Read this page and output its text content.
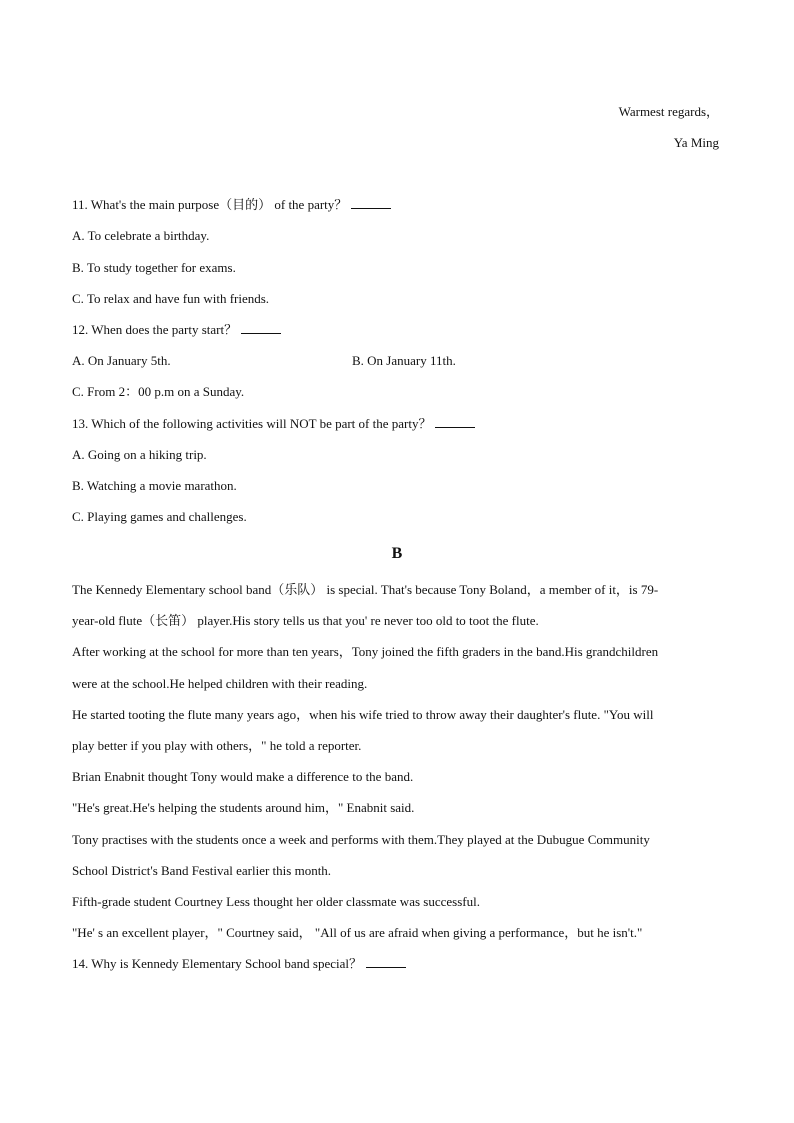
Warmest regards，
Ya Ming
11. What's the main purpose（目的） of the party？
A. To celebrate a birthday.
B. To study together for exams.
C. To relax and have fun with friends.
12. When does the party start？
A. On January 5th.	B. On January 11th.
C. From 2：00 p.m on a Sunday.
13. Which of the following activities will NOT be part of the party？
A. Going on a hiking trip.
B. Watching a movie marathon.
C. Playing games and challenges.
B
The Kennedy Elementary school band（乐队） is special. That's because Tony Boland，a member of it，is 79-
year-old flute（长笛） player.His story tells us that you' re never too old to toot the flute.
After working at the school for more than ten years，Tony joined the fifth graders in the band.His grandchildren
were at the school.He helped children with their reading.
He started tooting the flute many years ago，when his wife tried to throw away their daughter's flute. "You will
play better if you play with others，" he told a reporter.
Brian Enabnit thought Tony would make a difference to the band.
"He's great.He's helping the students around him，" Enabnit said.
Tony practises with the students once a week and performs with them.They played at the Dubugue Community
School District's Band Festival earlier this month.
Fifth-grade student Courtney Less thought her older classmate was successful.
"He' s an excellent player，" Courtney said， "All of us are afraid when giving a performance，but he isn't."
14. Why is Kennedy Elementary School band special？
